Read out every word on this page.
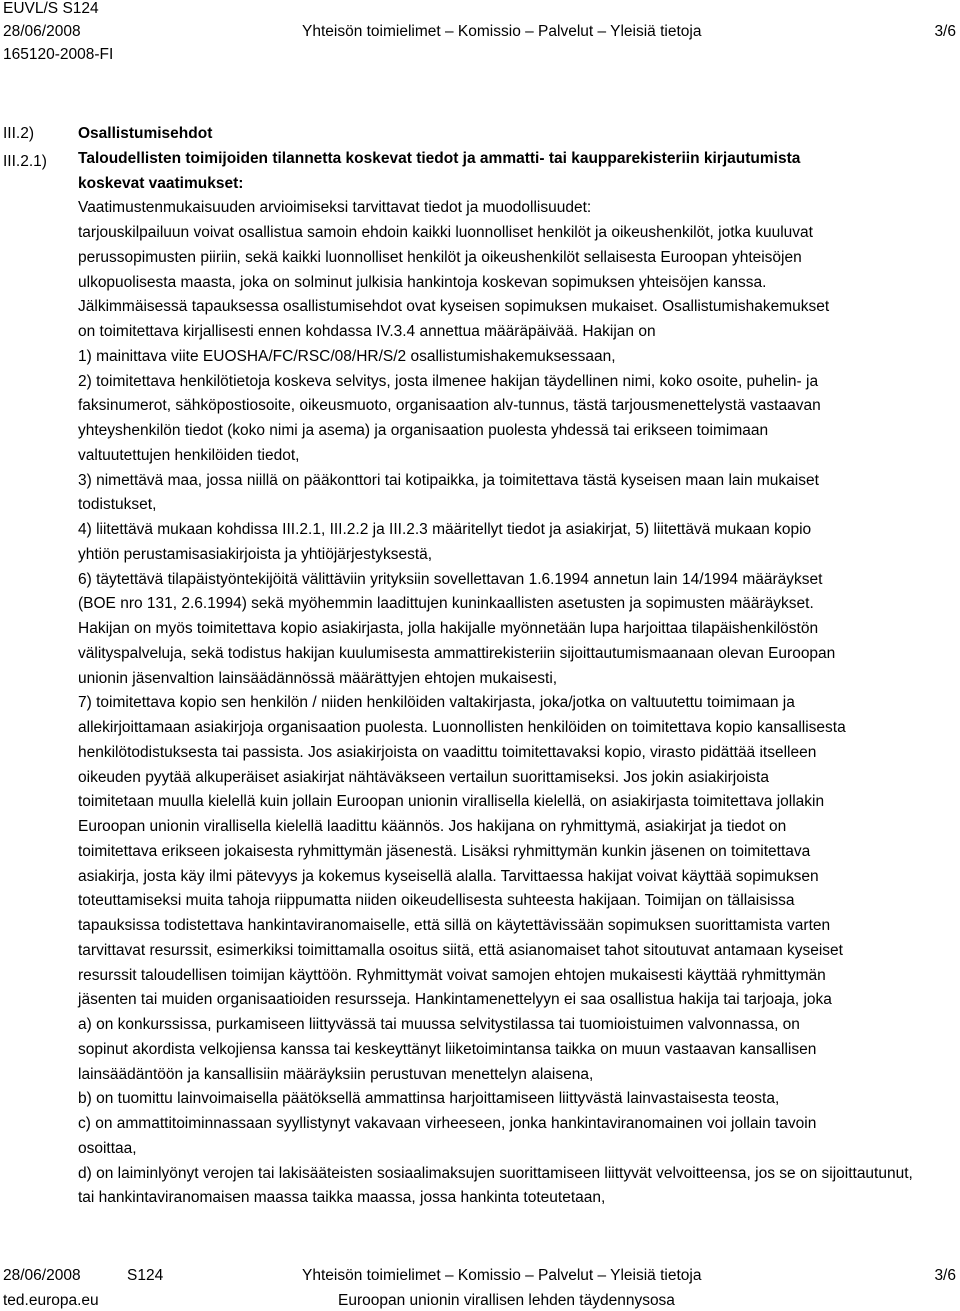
EUVL/S S124
28/06/2008
165120-2008-FI
Yhteisön toimielimet – Komissio – Palvelut – Yleisiä tietoja	3/6
III.2)
III.2.1)
Osallistumisehdot
Taloudellisten toimijoiden tilannetta koskevat tiedot ja ammatti- tai kaupparekisteriin kirjautumista
koskevat vaatimukset:
Vaatimustenmukaisuuden arvioimiseksi tarvittavat tiedot ja muodollisuudet:
tarjouskilpailuun voivat osallistua samoin ehdoin kaikki luonnolliset henkilöt ja oikeushenkilöt, jotka kuuluvat
perussopimusten piiriin, sekä kaikki luonnolliset henkilöt ja oikeushenkilöt sellaisesta Euroopan yhteisöjen
ulkopuolisesta maasta, joka on solminut julkisia hankintoja koskevan sopimuksen yhteisöjen kanssa.
Jälkimmäisessä tapauksessa osallistumisehdot ovat kyseisen sopimuksen mukaiset. Osallistumishakemukset
on toimitettava kirjallisesti ennen kohdassa IV.3.4 annettua määräpäivää. Hakijan on
1) mainittava viite EUOSHA/FC/RSC/08/HR/S/2 osallistumishakemuksessaan,
2) toimitettava henkilötietoja koskeva selvitys, josta ilmenee hakijan täydellinen nimi, koko osoite, puhelin- ja
faksinumerot, sähköpostiosoite, oikeusmuoto, organisaation alv-tunnus, tästä tarjousmenettelystä vastaavan
yhteyshenkilön tiedot (koko nimi ja asema) ja organisaation puolesta yhdessä tai erikseen toimimaan
valtuutettujen henkilöiden tiedot,
3) nimettävä maa, jossa niillä on pääkonttori tai kotipaikka, ja toimitettava tästä kyseisen maan lain mukaiset
todistukset,
4) liitettävä mukaan kohdissa III.2.1, III.2.2 ja III.2.3 määritellyt tiedot ja asiakirjat, 5) liitettävä mukaan kopio
yhtiön perustamisasiakirjoista ja yhtiöjärjestyksestä,
6) täytettävä tilapäistyöntekijöitä välittäviin yrityksiin sovellettavan 1.6.1994 annetun lain 14/1994 määräykset
(BOE nro 131, 2.6.1994) sekä myöhemmin laadittujen kuninkaallisten asetusten ja sopimusten määräykset.
Hakijan on myös toimitettava kopio asiakirjasta, jolla hakijalle myönnetään lupa harjoittaa tilapäishenkilöstön
välityspalveluja, sekä todistus hakijan kuulumisesta ammattirekisteriin sijoittautumismaanaan olevan Euroopan
unionin jäsenvaltion lainsäädännössä määrättyjen ehtojen mukaisesti,
7) toimitettava kopio sen henkilön / niiden henkilöiden valtakirjasta, joka/jotka on valtuutettu toimimaan ja
allekirjoittamaan asiakirjoja organisaation puolesta. Luonnollisten henkilöiden on toimitettava kopio kansallisesta
henkilötodistuksesta tai passista. Jos asiakirjoista on vaadittu toimitettavaksi kopio, virasto pidättää itselleen
oikeuden pyytää alkuperäiset asiakirjat nähtäväkseen vertailun suorittamiseksi. Jos jokin asiakirjoista
toimitetaan muulla kielellä kuin jollain Euroopan unionin virallisella kielellä, on asiakirjasta toimitettava jollakin
Euroopan unionin virallisella kielellä laadittu käännös. Jos hakijana on ryhmittymä, asiakirjat ja tiedot on
toimitettava erikseen jokaisesta ryhmittymän jäsenestä. Lisäksi ryhmittymän kunkin jäsenen on toimitettava
asiakirja, josta käy ilmi pätevyys ja kokemus kyseisellä alalla. Tarvittaessa hakijat voivat käyttää sopimuksen
toteuttamiseksi muita tahoja riippumatta niiden oikeudellisesta suhteesta hakijaan. Toimijan on tällaisissa
tapauksissa todistettava hankintaviranomaiselle, että sillä on käytettävissään sopimuksen suorittamista varten
tarvittavat resurssit, esimerkiksi toimittamalla osoitus siitä, että asianomaiset tahot sitoutuvat antamaan kyseiset
resurssit taloudellisen toimijan käyttöön. Ryhmittymät voivat samojen ehtojen mukaisesti käyttää ryhmittymän
jäsenten tai muiden organisaatioiden resursseja. Hankintamenettelyyn ei saa osallistua hakija tai tarjoaja, joka
a) on konkurssissa, purkamiseen liittyvässä tai muussa selvitystilassa tai tuomioistuimen valvonnassa, on
sopinut akordista velkojiensa kanssa tai keskeyttänyt liiketoimintansa taikka on muun vastaavan kansallisen
lainsäädäntöön ja kansallisiin määräyksiin perustuvan menettelyn alaisena,
b) on tuomittu lainvoimaisella päätöksellä ammattinsa harjoittamiseen liittyvästä lainvastaisesta teosta,
c) on ammattitoiminnassaan syyllistynyt vakavaan virheeseen, jonka hankintaviranomainen voi jollain tavoin
osoittaa,
d) on laiminlyönyt verojen tai lakisääteisten sosiaalimaksujen suorittamiseen liittyvät velvoitteensa, jos se on sijoittautunut,
tai hankintaviranomaisen maassa taikka maassa, jossa hankinta toteutetaan,
28/06/2008	S124
ted.europa.eu
Yhteisön toimielimet – Komissio – Palvelut – Yleisiä tietoja
Euroopan unionin virallisen lehden täydennysosa
3/6
